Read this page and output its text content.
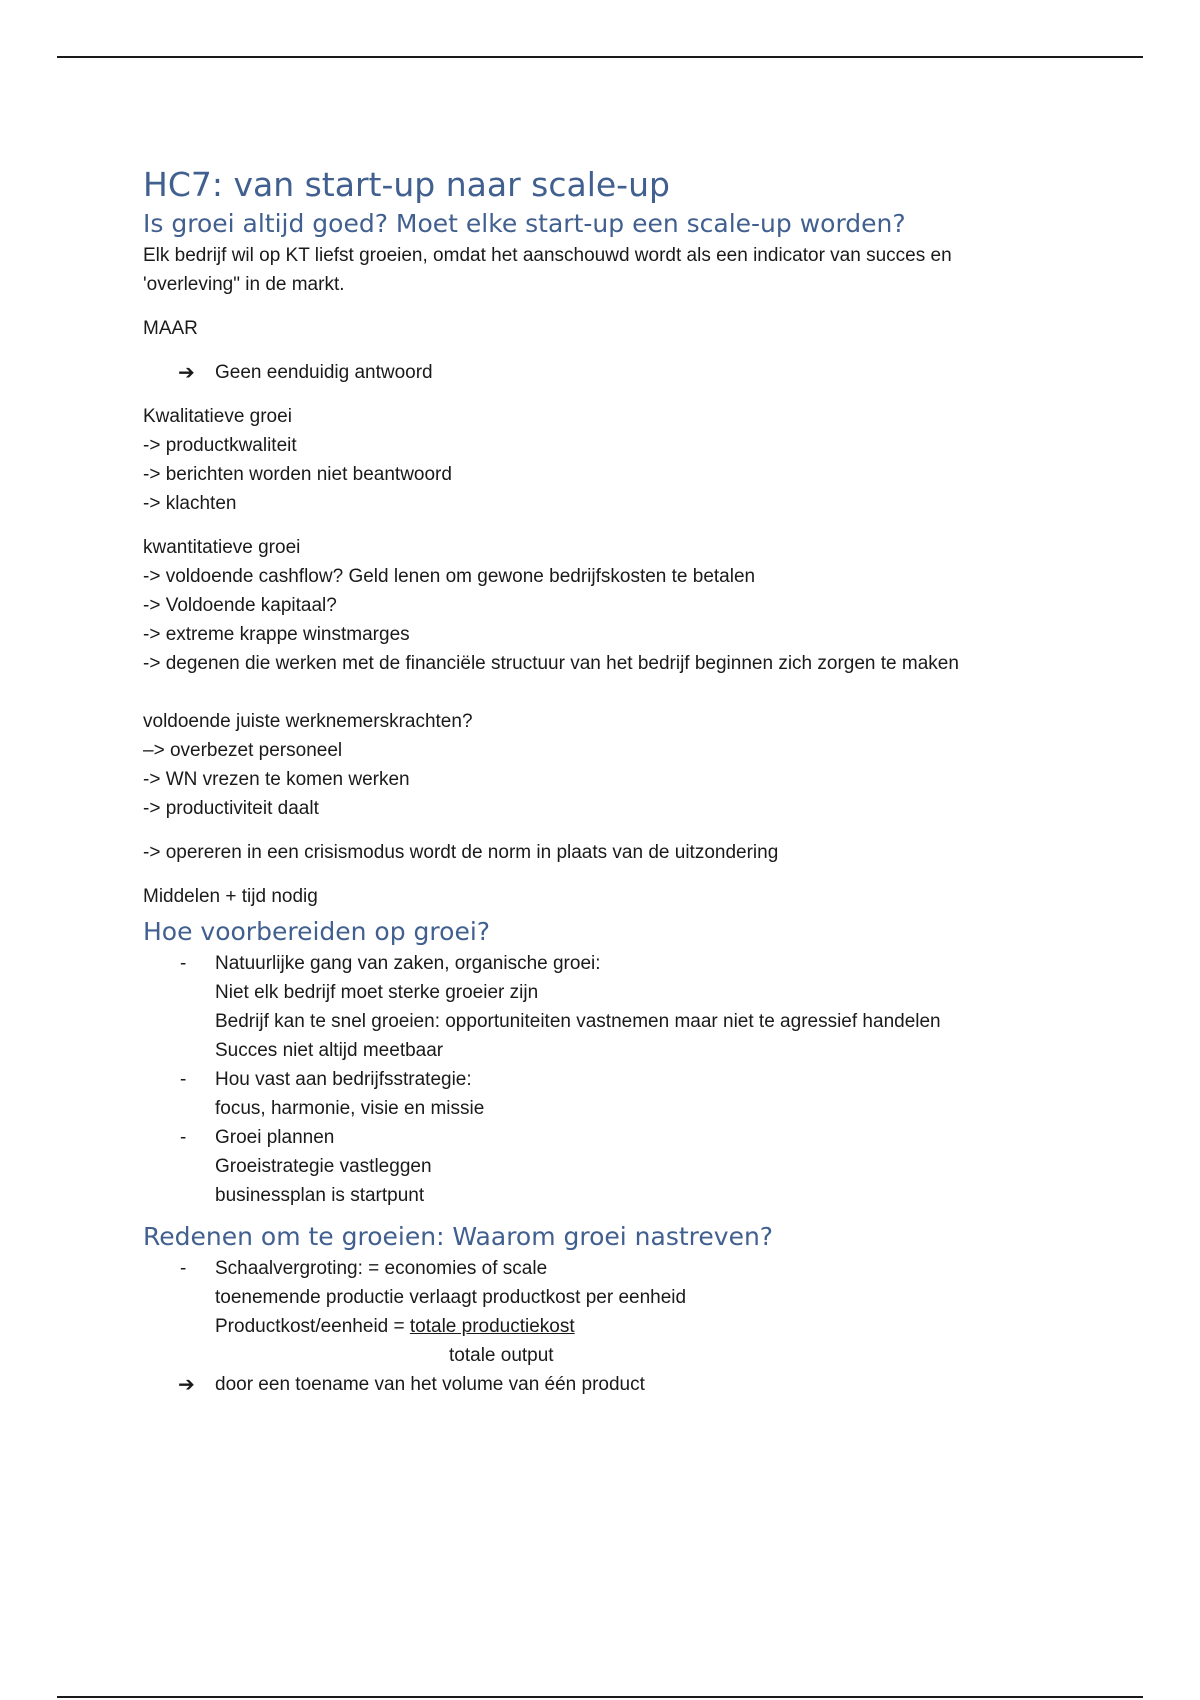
HC7: van start-up naar scale-up
Is groei altijd goed? Moet elke start-up een scale-up worden?
Elk bedrijf wil op KT liefst groeien, omdat het aanschouwd wordt als een indicator van succes en
'overleving" in de markt.
MAAR
➔	Geen eenduidig antwoord
Kwalitatieve groei
-> productkwaliteit
-> berichten worden niet beantwoord
-> klachten
kwantitatieve groei
-> voldoende cashflow? Geld lenen om gewone bedrijfskosten te betalen
-> Voldoende kapitaal?
-> extreme krappe winstmarges
-> degenen die werken met de financiële structuur van het bedrijf beginnen zich zorgen te maken
voldoende juiste werknemerskrachten?
–> overbezet personeel
-> WN vrezen te komen werken
-> productiviteit daalt
-> opereren in een crisismodus wordt de norm in plaats van de uitzondering
Middelen + tijd nodig
Hoe voorbereiden op groei?
-	Natuurlijke gang van zaken, organische groei:
Niet elk bedrijf moet sterke groeier zijn
Bedrijf kan te snel groeien: opportuniteiten vastnemen maar niet te agressief handelen
Succes niet altijd meetbaar
-	Hou vast aan bedrijfsstrategie:
focus, harmonie, visie en missie
-	Groei plannen
Groeistrategie vastleggen
businessplan is startpunt
Redenen om te groeien: Waarom groei nastreven?
-	Schaalvergroting: = economies of scale
toenemende productie verlaagt productkost per eenheid
Productkost/eenheid = totale productiekost
totale output
➔	door een toename van het volume van één product
